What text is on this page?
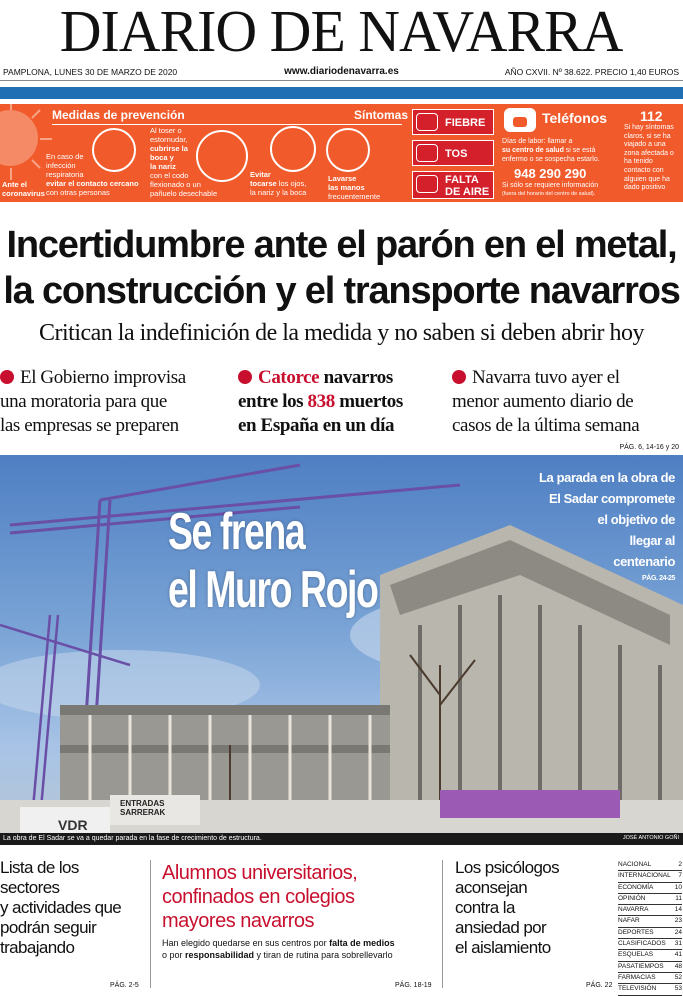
DIARIO DE NAVARRA
PAMPLONA, LUNES 30 DE MARZO DE 2020	www.diariodenavarra.es	AÑO CXVII. Nº 38.622. PRECIO 1,40 EUROS
Ante el
coronavirus
Medidas de prevención
En caso de
infección
respiratoria
evitar el contacto cercano
con otras personas
Al toser o
estornudar,
cubrirse la
boca y
la nariz
con el codo
flexionado o un
pañuelo desechable
Evitar
tocarse los ojos,
la nariz y la boca
Lavarse
las manos
frecuentemente
Síntomas
FIEBRE
TOS
FALTA
DE AIRE
Teléfonos
Días de labor: llamar a
su centro de salud si se está
enfermo o se sospecha estarlo.
948 290 290
Si sólo se requiere información
(fuera del horario del centro de salud).
112
Si hay síntomas
claros, si se ha
viajado a una
zona afectada o
ha tenido
contacto con
alguien que ha
dado positivo
Incertidumbre ante el parón en el metal,
la construcción y el transporte navarros
Critican la indefinición de la medida y no saben si deben abrir hoy
El Gobierno improvisa
una moratoria para que
las empresas se preparen
Catorce navarros
entre los 838 muertos
en España en un día
Navarra tuvo ayer el
menor aumento diario de
casos de la última semana
PÁG. 6, 14-16 y 20
ENTRADAS
SARRERAK
VDR
Se frena
el Muro Rojo
La parada en la obra de
El Sadar compromete
el objetivo de
llegar al
centenario
PÁG. 24-25
La obra de El Sadar se va a quedar parada en la fase de crecimiento de estructura.	JOSÉ ANTONIO GOÑI
Lista de los
sectores
y actividades que
podrán seguir
trabajando
PÁG. 2-5
Alumnos universitarios,
confinados en colegios
mayores navarros
Han elegido quedarse en sus centros por falta de medios
o por responsabilidad y tiran de rutina para sobrellevarlo
PÁG. 18-19
Los psicólogos
aconsejan
contra la
ansiedad por
el aislamiento
PÁG. 22
NACIONAL	2
INTERNACIONAL 7
ECONOMÍA	10
OPINIÓN	11
NAVARRA	14
NAFAR	23
DEPORTES	24
CLASIFICADOS 31
ESQUELAS	41
PASATIEMPOS 48
FARMACIAS	52
TELEVISIÓN	53
